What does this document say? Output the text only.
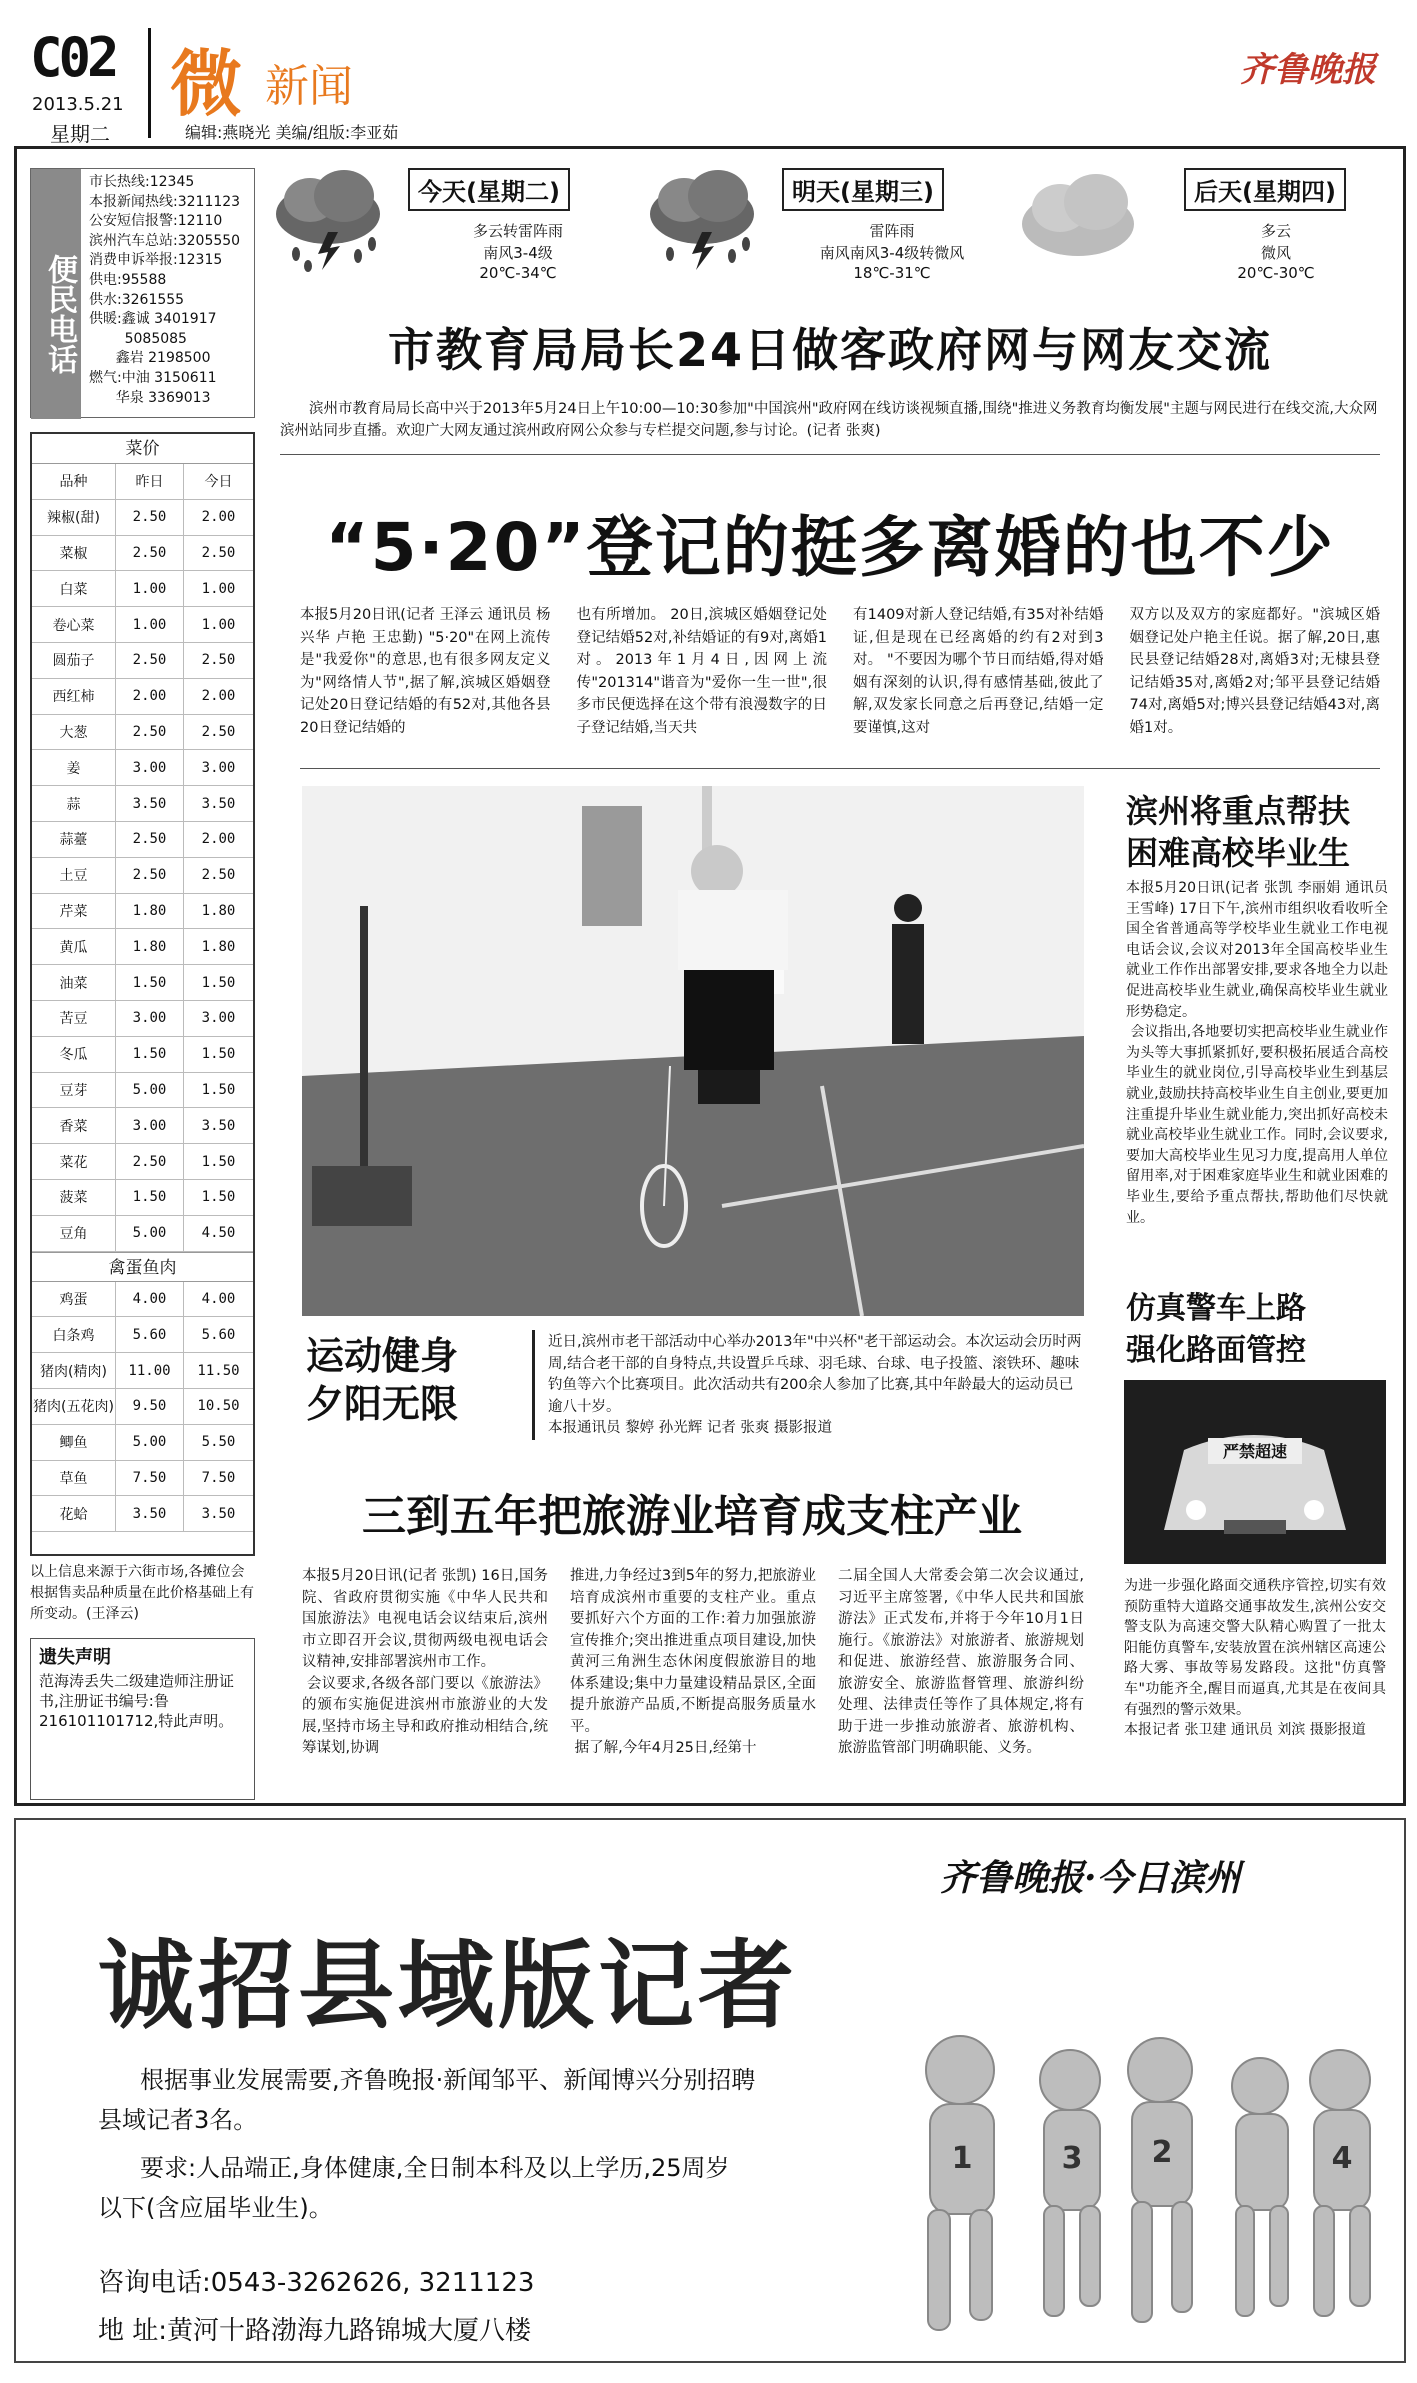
C02
2013.5.21
星期二
微 新闻
编辑:燕晓光 美编/组版:李亚茹
齐鲁晚报
便民电话
市长热线:12345
本报新闻热线:3211123
公安短信报警:12110
滨州汽车总站:3205550
消费申诉举报:12315
供电:95588
供水:3261555
供暖:鑫诚 3401917
5085085
鑫岩 2198500
燃气:中油 3150611
华泉 3369013
今天(星期二)
多云转雷阵雨
南风3-4级
20℃-34℃
明天(星期三)
雷阵雨
南风南风3-4级转微风
18℃-31℃
后天(星期四)
多云
微风
20℃-30℃
市教育局局长24日做客政府网与网友交流
滨州市教育局局长高中兴于2013年5月24日上午10:00—10:30参加"中国滨州"政府网在线访谈视频直播,围绕"推进义务教育均衡发展"主题与网民进行在线交流,大众网滨州站同步直播。欢迎广大网友通过滨州政府网公众参与专栏提交问题,参与讨论。(记者 张爽)
“5·20”登记的挺多离婚的也不少

本报5月20日讯(记者 王泽云 通讯员 杨兴华 卢艳 王忠勤) "5·20"在网上流传是"我爱你"的意思,也有很多网友定义为"网络情人节",据了解,滨城区婚姻登记处20日登记结婚的有52对,其他各县20日登记结婚的

也有所增加。 20日,滨城区婚姻登记处登记结婚52对,补结婚证的有9对,离婚1对。2013年1月4日,因网上流传"201314"谐音为"爱你一生一世",很多市民便选择在这个带有浪漫数字的日子登记结婚,当天共

有1409对新人登记结婚,有35对补结婚证,但是现在已经离婚的约有2对到3对。 "不要因为哪个节日而结婚,得对婚姻有深刻的认识,得有感情基础,彼此了解,双发家长同意之后再登记,结婚一定要谨慎,这对

双方以及双方的家庭都好。"滨城区婚姻登记处户艳主任说。据了解,20日,惠民县登记结婚28对,离婚3对;无棣县登记结婚35对,离婚2对;邹平县登记结婚74对,离婚5对;博兴县登记结婚43对,离婚1对。

运动健身
夕阳无限
近日,滨州市老干部活动中心举办2013年"中兴杯"老干部运动会。本次运动会历时两周,结合老干部的自身特点,共设置乒乓球、羽毛球、台球、电子投篮、滚铁环、趣味钓鱼等六个比赛项目。此次活动共有200余人参加了比赛,其中年龄最大的运动员已逾八十岁。
本报通讯员 黎婷 孙光辉 记者 张爽 摄影报道
滨州将重点帮扶
困难高校毕业生
本报5月20日讯(记者 张凯 李丽娟 通讯员 王雪峰) 17日下午,滨州市组织收看收听全国全省普通高等学校毕业生就业工作电视电话会议,会议对2013年全国高校毕业生就业工作作出部署安排,要求各地全力以赴促进高校毕业生就业,确保高校毕业生就业形势稳定。
会议指出,各地要切实把高校毕业生就业作为头等大事抓紧抓好,要积极拓展适合高校毕业生的就业岗位,引导高校毕业生到基层就业,鼓励扶持高校毕业生自主创业,要更加注重提升毕业生就业能力,突出抓好高校未就业高校毕业生就业工作。同时,会议要求,要加大高校毕业生见习力度,提高用人单位留用率,对于困难家庭毕业生和就业困难的毕业生,要给予重点帮扶,帮助他们尽快就业。
仿真警车上路
强化路面管控
严禁超速
为进一步强化路面交通秩序管控,切实有效预防重特大道路交通事故发生,滨州公安交警支队为高速交警大队精心购置了一批太阳能仿真警车,安装放置在滨州辖区高速公路大雾、事故等易发路段。这批"仿真警车"功能齐全,醒目而逼真,尤其是在夜间具有强烈的警示效果。
本报记者 张卫建 通讯员 刘滨 摄影报道
三到五年把旅游业培育成支柱产业

本报5月20日讯(记者 张凯) 16日,国务院、省政府贯彻实施《中华人民共和国旅游法》电视电话会议结束后,滨州市立即召开会议,贯彻两级电视电话会议精神,安排部署滨州市工作。
会议要求,各级各部门要以《旅游法》的颁布实施促进滨州市旅游业的大发展,坚持市场主导和政府推动相结合,统筹谋划,协调

推进,力争经过3到5年的努力,把旅游业培育成滨州市重要的支柱产业。重点要抓好六个方面的工作:着力加强旅游宣传推介;突出推进重点项目建设,加快黄河三角洲生态休闲度假旅游目的地体系建设;集中力量建设精品景区,全面提升旅游产品质,不断提高服务质量水平。
据了解,今年4月25日,经第十

二届全国人大常委会第二次会议通过,习近平主席签署,《中华人民共和国旅游法》正式发布,并将于今年10月1日施行。《旅游法》对旅游者、旅游规划和促进、旅游经营、旅游服务合同、旅游安全、旅游监督管理、旅游纠纷处理、法律责任等作了具体规定,将有助于进一步推动旅游者、旅游机构、旅游监管部门明确职能、义务。

菜价
品种	昨日	今日
辣椒(甜)	2.50	2.00
菜椒	2.50	2.50
白菜	1.00	1.00
卷心菜	1.00	1.00
圆茄子	2.50	2.50
西红柿	2.00	2.00
大葱	2.50	2.50
姜	3.00	3.00
蒜	3.50	3.50
蒜薹	2.50	2.00
土豆	2.50	2.50
芹菜	1.80	1.80
黄瓜	1.80	1.80
油菜	1.50	1.50
苦豆	3.00	3.00
冬瓜	1.50	1.50
豆芽	5.00	1.50
香菜	3.00	3.50
菜花	2.50	1.50
菠菜	1.50	1.50
豆角	5.00	4.50
禽蛋鱼肉
鸡蛋	4.00	4.00
白条鸡	5.60	5.60
猪肉(精肉)	11.00	11.50
猪肉(五花肉)	9.50	10.50
鲫鱼	5.00	5.50
草鱼	7.50	7.50
花蛤	3.50	3.50
以上信息来源于六街市场,各摊位会根据售卖品种质量在此价格基础上有所变动。(王泽云)
遗失声明

范海涛丢失二级建造师注册证书,注册证书编号:鲁216101101712,特此声明。

齐鲁晚报·今日滨州
诚招县域版记者
根据事业发展需要,齐鲁晚报·新闻邹平、新闻博兴分别招聘
县域记者3名。
要求:人品端正,身体健康,全日制本科及以上学历,25周岁
以下(含应届毕业生)。
咨询电话:0543-3262626, 3211123
地 址:黄河十路渤海九路锦城大厦八楼
1	3 2	4
